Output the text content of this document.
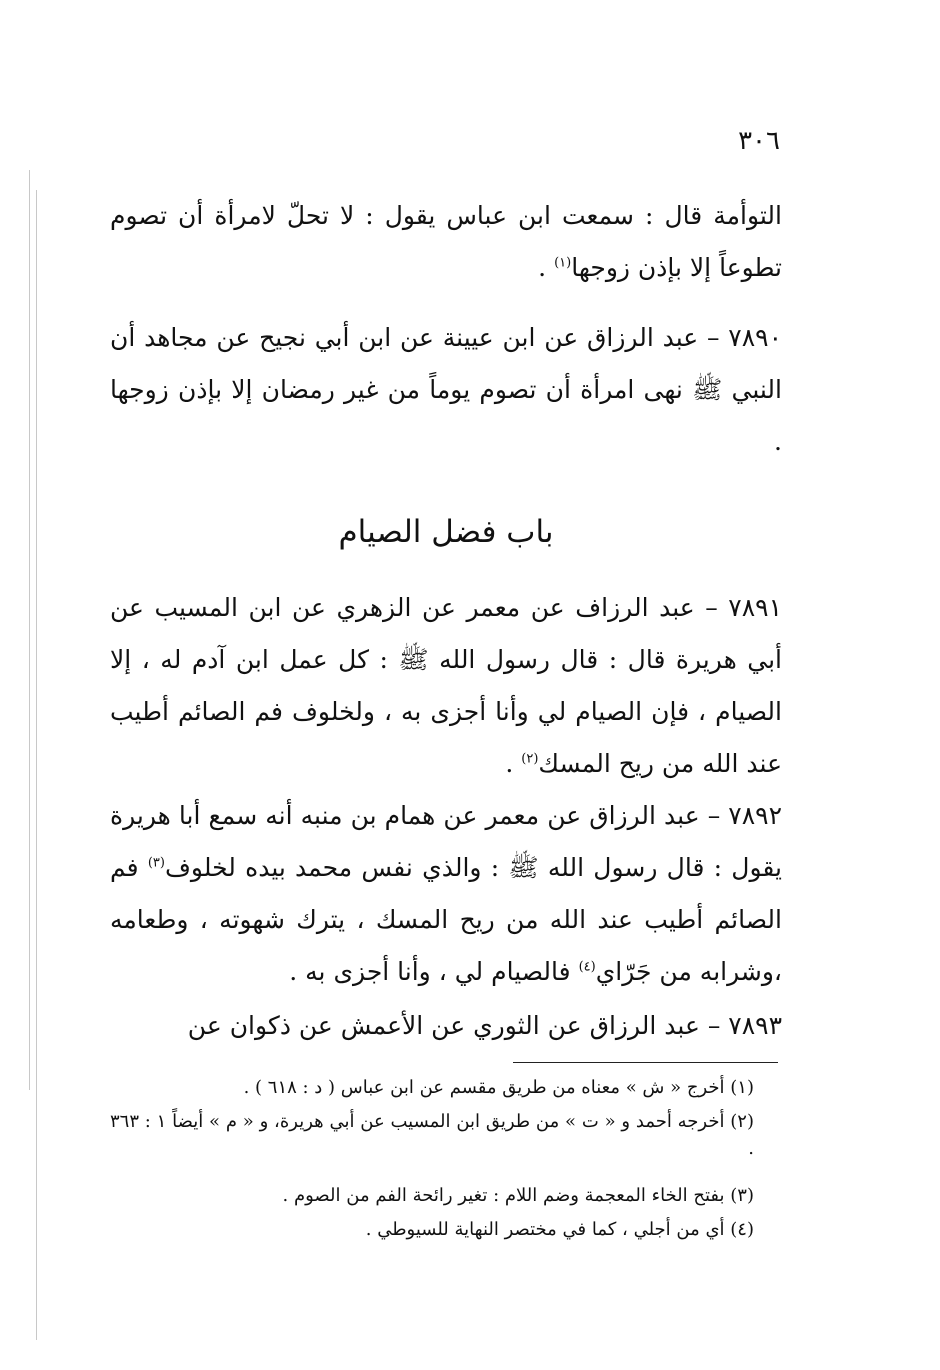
٣٠٦

التوأمة قال : سمعت ابن عباس يقول : لا تحلّ لامرأة أن تصوم تطوعاً إلا بإذن زوجها$^{(١)}$ .

٧٨٩٠ – عبد الرزاق عن ابن عيينة عن ابن أبي نجيح عن مجاهد أن النبي ﷺ نهى امرأة أن تصوم يوماً من غير رمضان إلا بإذن زوجها .

باب فضل الصيام

٧٨٩١ – عبد الرزاف عن معمر عن الزهري عن ابن المسيب عن أبي هريرة قال : قال رسول الله ﷺ : كل عمل ابن آدم له ، إلا الصيام ، فإن الصيام لي وأنا أجزى به ، ولخلوف فم الصائم أطيب عند الله من ريح المسك$^{(٢)}$ .

٧٨٩٢ – عبد الرزاق عن معمر عن همام بن منبه أنه سمع أبا هريرة يقول : قال رسول الله ﷺ : والذي نفس محمد بيده لخلوف$^{(٣)}$ فم الصائم أطيب عند الله من ريح المسك ، يترك شهوته ، وطعامه ،وشرابه من جَرّاي$^{(٤)}$ فالصيام لي ، وأنا أجزى به .

٧٨٩٣ – عبد الرزاق عن الثوري عن الأعمش عن ذكوان عن

(١) أخرج « ش » معناه من طريق مقسم عن ابن عباس ( د : ٦١٨ ) .

(٢) أخرجه أحمد و « ت » من طريق ابن المسيب عن أبي هريرة، و « م » أيضاً ١ : ٣٦٣ .

(٣) بفتح الخاء المعجمة وضم اللام : تغير رائحة الفم من الصوم .

(٤) أي من أجلي ، كما في مختصر النهاية للسيوطي .
